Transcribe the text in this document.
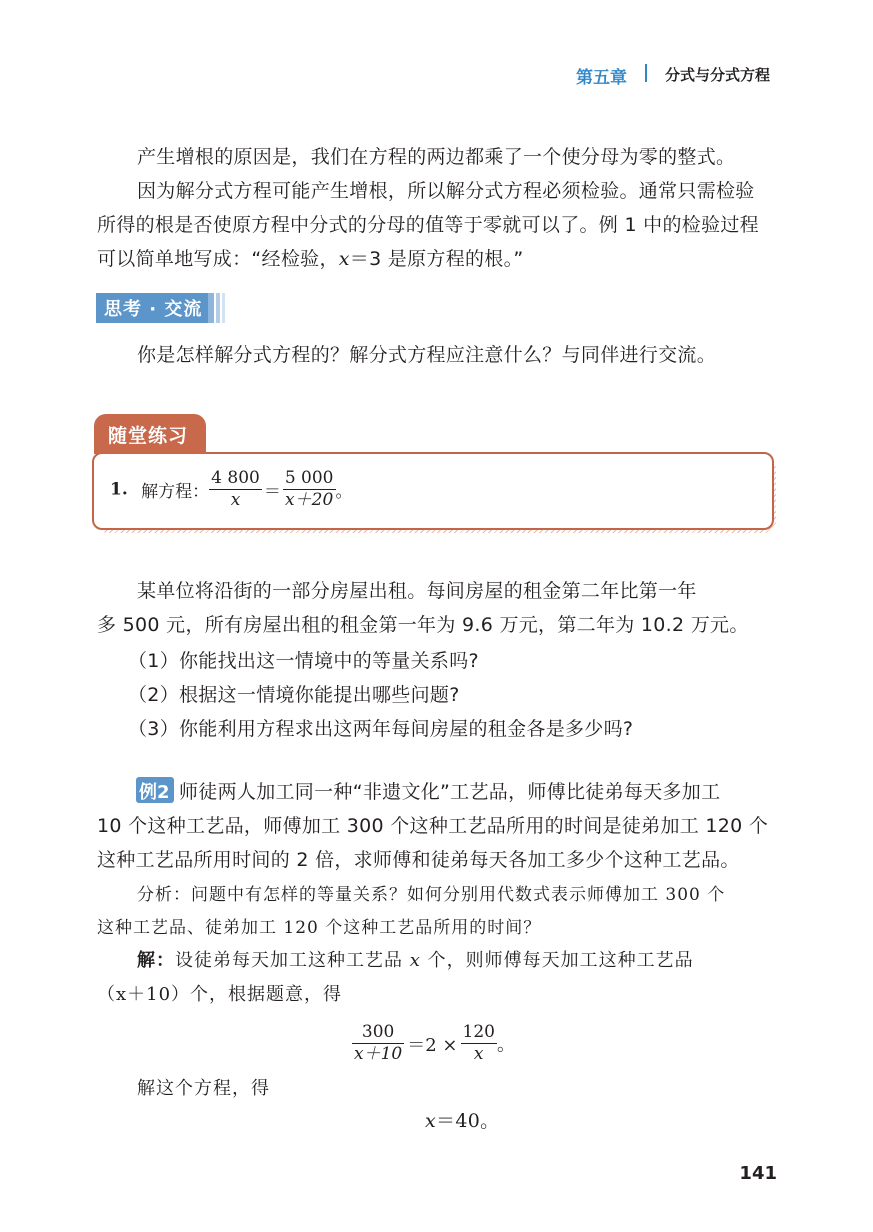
第五章	分式与分式方程
产生增根的原因是，我们在方程的两边都乘了一个使分母为零的整式。
因为解分式方程可能产生增根，所以解分式方程必须检验。通常只需检验
所得的根是否使原方程中分式的分母的值等于零就可以了。例 1 中的检验过程
可以简单地写成：“经检验，x＝3 是原方程的根。”
思考 · 交流
你是怎样解分式方程的？解分式方程应注意什么？与同伴进行交流。
1. 解方程： $\frac{4 800}{x} = \frac{5 000}{x+20}$ 。
随堂练习
某单位将沿街的一部分房屋出租。每间房屋的租金第二年比第一年
多 500 元，所有房屋出租的租金第一年为 9.6 万元，第二年为 10.2 万元。
（1）你能找出这一情境中的等量关系吗?
（2）根据这一情境你能提出哪些问题?
（3）你能利用方程求出这两年每间房屋的租金各是多少吗?
例2 师徒两人加工同一种“非遗文化”工艺品，师傅比徒弟每天多加工
10 个这种工艺品，师傅加工 300 个这种工艺品所用的时间是徒弟加工 120 个
这种工艺品所用时间的 2 倍，求师傅和徒弟每天各加工多少个这种工艺品。
分析：问题中有怎样的等量关系？如何分别用代数式表示师傅加工 300 个
这种工艺品、徒弟加工 120 个这种工艺品所用的时间？
解：设徒弟每天加工这种工艺品 x 个，则师傅每天加工这种工艺品
（x＋10）个，根据题意，得
$\frac{300}{x+10} =2 \times \frac{120}{x}$ 。
解这个方程，得
x＝40。
141
